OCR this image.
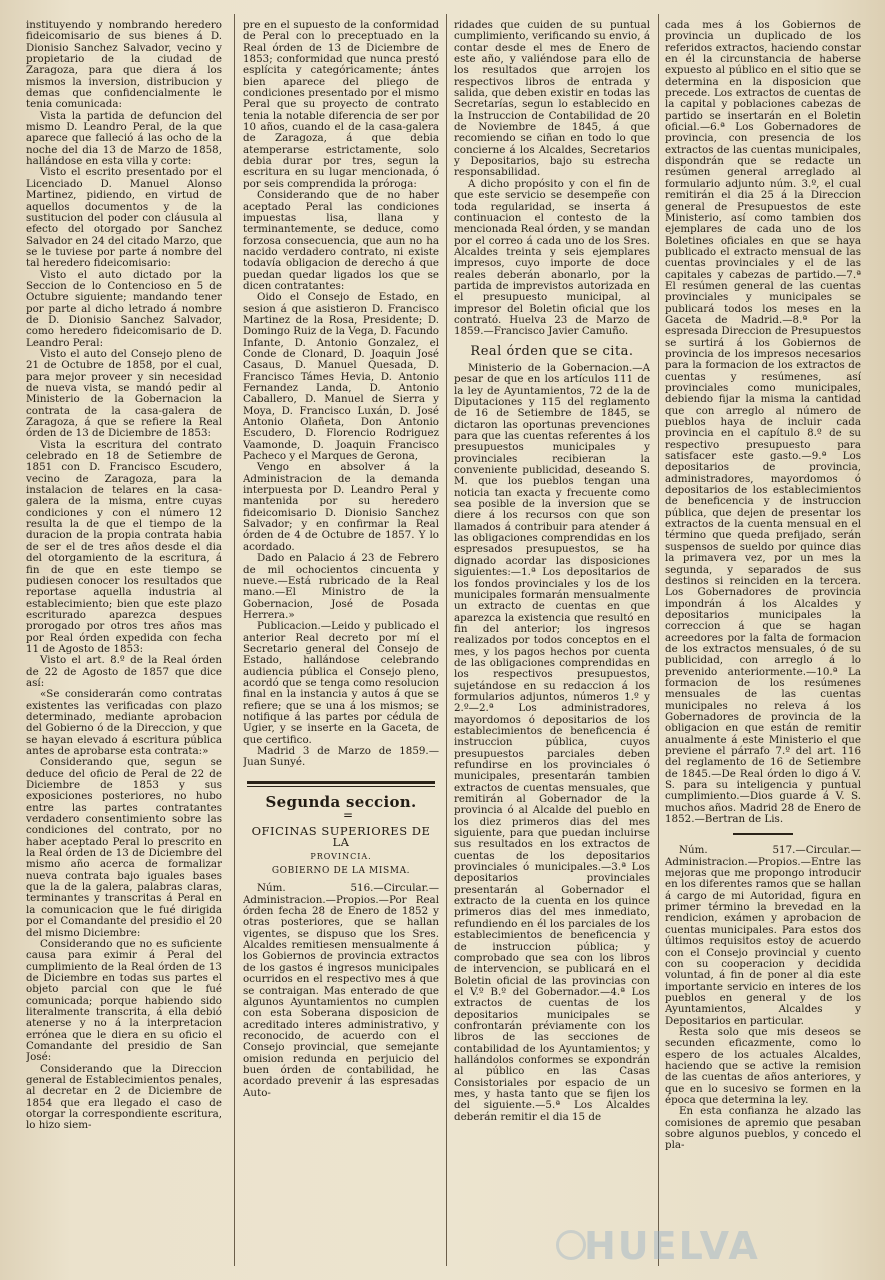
instituyendo y nombrando heredero fideicomisario de sus bienes á D. Dionisio Sanchez Salvador, vecino y propietario de la ciudad de Zaragoza, para que diera á los mismos la inversion, distribucion y demas que confidencialmente le tenia comunicada:

Vista la partida de defuncion del mismo D. Leandro Peral, de la que aparece que falleció á las ocho de la noche del dia 13 de Marzo de 1858, hallándose en esta villa y corte:

Visto el escrito presentado por el Licenciado D. Manuel Alonso Martinez, pidiendo, en virtud de aquellos documentos y de la sustitucion del poder con cláusula al efecto del otorgado por Sanchez Salvador en 24 del citado Marzo, que se le tuviese por parte á nombre del tal heredero fideicomisario:

Visto el auto dictado por la Seccion de lo Contencioso en 5 de Octubre siguiente; mandando tener por parte al dicho letrado á nombre de D. Dionisio Sanchez Salvador, como heredero fideicomisario de D. Leandro Peral:

Visto el auto del Consejo pleno de 21 de Octubre de 1858, por el cual, para mejor proveer y sin necesidad de nueva vista, se mandó pedir al Ministerio de la Gobernacion la contrata de la casa-galera de Zaragoza, á que se refiere la Real órden de 13 de Diciembre de 1853:

Vista la escritura del contrato celebrado en 18 de Setiembre de 1851 con D. Francisco Escudero, vecino de Zaragoza, para la instalacion de telares en la casa-galera de la misma, entre cuyas condiciones y con el número 12 resulta la de que el tiempo de la duracion de la propia contrata habia de ser el de tres años desde el dia del otorgamiento de la escritura, á fin de que en este tiempo se pudiesen conocer los resultados que reportase aquella industria al establecimiento; bien que este plazo escriturado aparezca despues prorogado por otros tres años mas por Real órden expedida con fecha 11 de Agosto de 1853:

Visto el art. 8.º de la Real órden de 22 de Agosto de 1857 que dice así:

«Se considerarán como contratas existentes las verificadas con plazo determinado, mediante aprobacion del Gobierno ó de la Direccion, y que se hayan elevado á escritura pública antes de aprobarse esta contrata:»

Considerando que, segun se deduce del oficio de Peral de 22 de Diciembre de 1853 y sus exposiciones posteriores, no hubo entre las partes contratantes verdadero consentimiento sobre las condiciones del contrato, por no haber aceptado Peral lo prescrito en la Real órden de 13 de Diciembre del mismo año acerca de formalizar nueva contrata bajo iguales bases que la de la galera, palabras claras, terminantes y transcritas á Peral en la comunicacion que le fué dirigida por el Comandante del presidio el 20 del mismo Diciembre:

Considerando que no es suficiente causa para eximir á Peral del cumplimiento de la Real órden de 13 de Diciembre en todas sus partes el objeto parcial con que le fué comunicada; porque habiendo sido literalmente transcrita, á ella debió atenerse y no á la interpretacion errónea que le diera en su oficio el Comandante del presidio de San José:

Considerando que la Direccion general de Establecimientos penales, al decretar en 2 de Diciembre de 1854 que era llegado el caso de otorgar la correspondiente escritura, lo hizo siem-

pre en el supuesto de la conformidad de Peral con lo preceptuado en la Real órden de 13 de Diciembre de 1853; conformidad que nunca prestó esplícita y categóricamente; ántes bien aparece del pliego de condiciones presentado por el mismo Peral que su proyecto de contrato tenia la notable diferencia de ser por 10 años, cuando el de la casa-galera de Zaragoza, á que debia atemperarse estrictamente, solo debia durar por tres, segun la escritura en su lugar mencionada, ó por seis comprendida la próroga:

Considerando que de no haber aceptado Peral las condiciones impuestas lisa, llana y terminantemente, se deduce, como forzosa consecuencia, que aun no ha nacido verdadero contrato, ni existe todavía obligacion de derecho á que puedan quedar ligados los que se dicen contratantes:

Oido el Consejo de Estado, en sesion á que asistieron D. Francisco Martinez de la Rosa, Presidente; D. Domingo Ruiz de la Vega, D. Facundo Infante, D. Antonio Gonzalez, el Conde de Clonard, D. Joaquin José Casaus, D. Manuel Quesada, D. Francisco Támes Hevia, D. Antonio Fernandez Landa, D. Antonio Caballero, D. Manuel de Sierra y Moya, D. Francisco Luxán, D. José Antonio Olañeta, Don Antonio Escudero, D. Florencio Rodriguez Vaamonde, D. Joaquin Francisco Pacheco y el Marques de Gerona,

Vengo en absolver á la Administracion de la demanda interpuesta por D. Leandro Peral y mantenida por su heredero fideicomisario D. Dionisio Sanchez Salvador; y en confirmar la Real órden de 4 de Octubre de 1857. Y lo acordado.

Dado en Palacio á 23 de Febrero de mil ochocientos cincuenta y nueve.—Está rubricado de la Real mano.—El Ministro de la Gobernacion, José de Posada Herrera.»

Publicacion.—Leido y publicado el anterior Real decreto por mí el Secretario general del Consejo de Estado, hallándose celebrando audiencia pública el Consejo pleno, acordó que se tenga como resolucion final en la instancia y autos á que se refiere; que se una á los mismos; se notifique á las partes por cédula de Ugier, y se inserte en la Gaceta, de que certifico.

Madrid 3 de Marzo de 1859.—Juan Sunyé.

Segunda seccion.

=

OFICINAS SUPERIORES DE LA

PROVINCIA.

GOBIERNO DE LA MISMA.

Núm. 516.—Circular.—Administracion.—Propios.—Por Real órden fecha 28 de Enero de 1852 y otras posteriores, que se hallan vigentes, se dispuso que los Sres. Alcaldes remitiesen mensualmente á los Gobiernos de provincia extractos de los gastos é ingresos municipales ocurridos en el respectivo mes á que se contraigan. Mas enterado de que algunos Ayuntamientos no cumplen con esta Soberana disposicion de acreditado interes administrativo, y reconocido, de acuerdo con el Consejo provincial, que semejante omision redunda en perjuicio del buen órden de contabilidad, he acordado prevenir á las espresadas Auto-

ridades que cuiden de su puntual cumplimiento, verificando su envio, á contar desde el mes de Enero de este año, y valiéndose para ello de los resultados que arrojen los respectivos libros de entrada y salida, que deben existir en todas las Secretarías, segun lo establecido en la Instruccion de Contabilidad de 20 de Noviembre de 1845, á que recomiendo se ciñan en todo lo que concierne á los Alcaldes, Secretarios y Depositarios, bajo su estrecha responsabilidad.

A dicho propósito y con el fin de que este servicio se desempeñe con toda regularidad, se inserta á continuacion el contesto de la mencionada Real órden, y se mandan por el correo á cada uno de los Sres. Alcaldes treinta y seis ejemplares impresos, cuyo importe de doce reales deberán abonarlo, por la partida de imprevistos autorizada en el presupuesto municipal, al impresor del Boletin oficial que los contrató. Huelva 23 de Marzo de 1859.—Francisco Javier Camuño.

Real órden que se cita.

Ministerio de la Gobernacion.—A pesar de que en los artículos 111 de la ley de Ayuntamientos, 72 de la de Diputaciones y 115 del reglamento de 16 de Setiembre de 1845, se dictaron las oportunas prevenciones para que las cuentas referentes á los presupuestos municipales y provinciales recibieran la conveniente publicidad, deseando S. M. que los pueblos tengan una noticia tan exacta y frecuente como sea posible de la inversion que se diere á los recursos con que son llamados á contribuir para atender á las obligaciones comprendidas en los espresados presupuestos, se ha dignado acordar las disposiciones siguientes:—1.ª Los depositarios de los fondos provinciales y los de los municipales formarán mensualmente un extracto de cuentas en que aparezca la existencia que resultó en fin del anterior; los ingresos realizados por todos conceptos en el mes, y los pagos hechos por cuenta de las obligaciones comprendidas en los respectivos presupuestos, sujetándose en su redaccion á los formularios adjuntos, números 1.º y 2.º—2.ª Los administradores, mayordomos ó depositarios de los establecimientos de beneficencia é instruccion pública, cuyos presupuestos parciales deben refundirse en los provinciales ó municipales, presentarán tambien extractos de cuentas mensuales, que remitirán al Gobernador de la provincia ó al Alcalde del pueblo en los diez primeros dias del mes siguiente, para que puedan incluirse sus resultados en los extractos de cuentas de los depositarios provinciales ó municipales.—3.ª Los depositarios provinciales presentarán al Gobernador el extracto de la cuenta en los quince primeros dias del mes inmediato, refundiendo en él los parciales de los establecimientos de beneficencia y de instruccion pública; y comprobado que sea con los libros de intervencion, se publicará en el Boletin oficial de las provincias con el V.º B.º del Gobernador.—4.ª Los extractos de cuentas de los depositarios municipales se confrontarán préviamente con los libros de las secciones de contabilidad de los Ayuntamientos; y hallándolos conformes se expondrán al público en las Casas Consistoriales por espacio de un mes, y hasta tanto que se fijen los del siguiente.—5.ª Los Alcaldes deberán remitir el dia 15 de

cada mes á los Gobiernos de provincia un duplicado de los referidos extractos, haciendo constar en él la circunstancia de haberse expuesto al público en el sitio que se determina en la disposicion que precede. Los extractos de cuentas de la capital y poblaciones cabezas de partido se insertarán en el Boletin oficial.—6.ª Los Gobernadores de provincia, con presencia de los extractos de las cuentas municipales, dispondrán que se redacte un resúmen general arreglado al formulario adjunto núm. 3.º, el cual remitirán el dia 25 á la Direccion general de Presupuestos de este Ministerio, así como tambien dos ejemplares de cada uno de los Boletines oficiales en que se haya publicado el extracto mensual de las cuentas provinciales y el de las capitales y cabezas de partido.—7.ª El resúmen general de las cuentas provinciales y municipales se publicará todos los meses en la Gaceta de Madrid.—8.ª Por la espresada Direccion de Presupuestos se surtirá á los Gobiernos de provincia de los impresos necesarios para la formacion de los extractos de cuentas y resúmenes, así provinciales como municipales, debiendo fijar la misma la cantidad que con arreglo al número de pueblos haya de incluir cada provincia en el capítulo 8.º de su respectivo presupuesto para satisfacer este gasto.—9.ª Los depositarios de provincia, administradores, mayordomos ó depositarios de los establecimientos de beneficencia y de instruccion pública, que dejen de presentar los extractos de la cuenta mensual en el término que queda prefijado, serán suspensos de sueldo por quince dias la primavera vez, por un mes la segunda, y separados de sus destinos si reinciden en la tercera. Los Gobernadores de provincia impondrán á los Alcaldes y depositarios municipales la correccion á que se hagan acreedores por la falta de formacion de los extractos mensuales, ó de su publicidad, con arreglo á lo prevenido anteriormente.—10.ª La formacion de los resúmenes mensuales de las cuentas municipales no releva á los Gobernadores de provincia de la obligacion en que están de remitir anualmente á este Ministerio el que previene el párrafo 7.º del art. 116 del reglamento de 16 de Setiembre de 1845.—De Real órden lo digo á V. S. para su inteligencia y puntual cumplimiento.—Dios guarde á V. S. muchos años. Madrid 28 de Enero de 1852.—Bertran de Lis.

Núm. 517.—Circular.—Administracion.—Propios.—Entre las mejoras que me propongo introducir en los diferentes ramos que se hallan á cargo de mi Autoridad, figura en primer término la brevedad en la rendicion, exámen y aprobacion de cuentas municipales. Para estos dos últimos requisitos estoy de acuerdo con el Consejo provincial y cuento con su cooperacion y decidida voluntad, á fin de poner al dia este importante servicio en interes de los pueblos en general y de los Ayuntamientos, Alcaldes y Depositarios en particular.

Resta solo que mis deseos se secunden eficazmente, como lo espero de los actuales Alcaldes, haciendo que se active la remision de las cuentas de años anteriores, y que en lo sucesivo se formen en la época que determina la ley.

En esta confianza he alzado las comisiones de apremio que pesaban sobre algunos pueblos, y concedo el pla-

HUELVA
